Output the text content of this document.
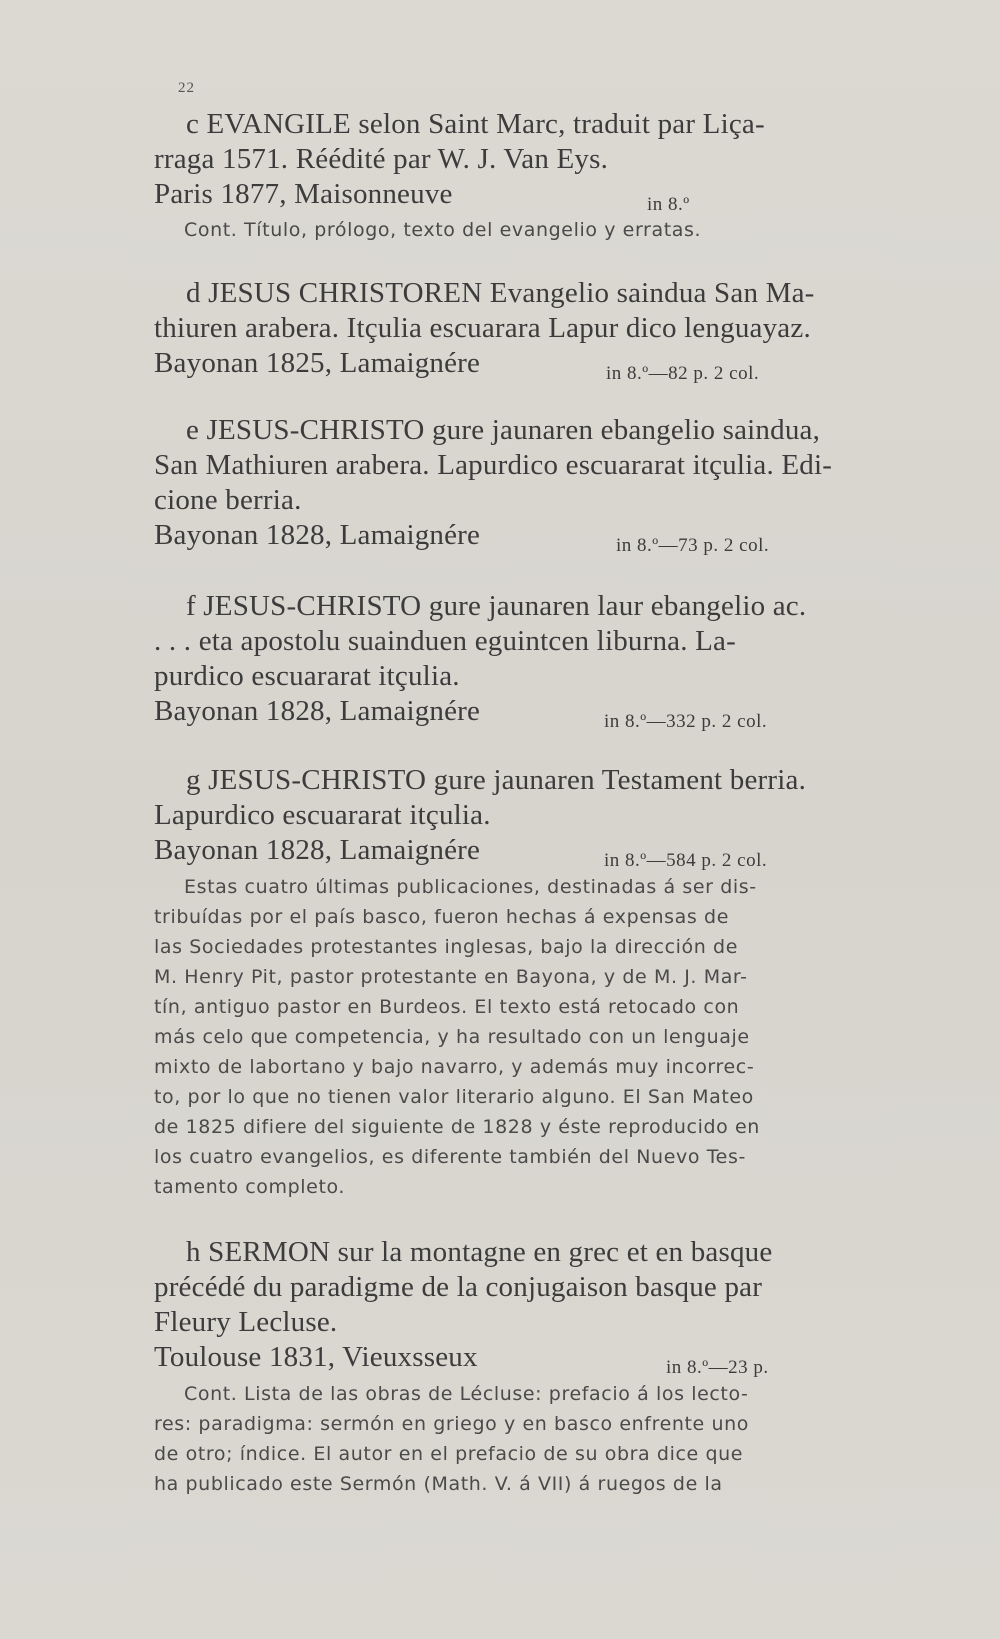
22
c EVANGILE selon Saint Marc, traduit par Liça-
rraga 1571. Réédité par W. J. Van Eys.
Paris 1877, Maisonneuve	in 8.º
Cont. Título, prólogo, texto del evangelio y erratas.
d JESUS CHRISTOREN Evangelio saindua San Ma-
thiuren arabera. Itçulia escuarara Lapur dico lenguayaz.
Bayonan 1825, Lamaignére	in 8.º—82 p. 2 col.
e JESUS-CHRISTO gure jaunaren ebangelio saindua,
San Mathiuren arabera. Lapurdico escuararat itçulia. Edi-
cione berria.
Bayonan 1828, Lamaignére	in 8.º—73 p. 2 col.
f JESUS-CHRISTO gure jaunaren laur ebangelio ac.
. . . eta apostolu suainduen eguintcen liburna. La-
purdico escuararat itçulia.
Bayonan 1828, Lamaignére	in 8.º—332 p. 2 col.
g JESUS-CHRISTO gure jaunaren Testament berria.
Lapurdico escuararat itçulia.
Bayonan 1828, Lamaignére	in 8.º—584 p. 2 col.
Estas cuatro últimas publicaciones, destinadas á ser dis-
tribuídas por el país basco, fueron hechas á expensas de
las Sociedades protestantes inglesas, bajo la dirección de
M. Henry Pit, pastor protestante en Bayona, y de M. J. Mar-
tín, antiguo pastor en Burdeos. El texto está retocado con
más celo que competencia, y ha resultado con un lenguaje
mixto de labortano y bajo navarro, y además muy incorrec-
to, por lo que no tienen valor literario alguno. El San Mateo
de 1825 difiere del siguiente de 1828 y éste reproducido en
los cuatro evangelios, es diferente también del Nuevo Tes-
tamento completo.
h SERMON sur la montagne en grec et en basque
précédé du paradigme de la conjugaison basque par
Fleury Lecluse.
Toulouse 1831, Vieuxsseux	in 8.º—23 p.
Cont. Lista de las obras de Lécluse: prefacio á los lecto-
res: paradigma: sermón en griego y en basco enfrente uno
de otro; índice. El autor en el prefacio de su obra dice que
ha publicado este Sermón (Math. V. á VII) á ruegos de la
